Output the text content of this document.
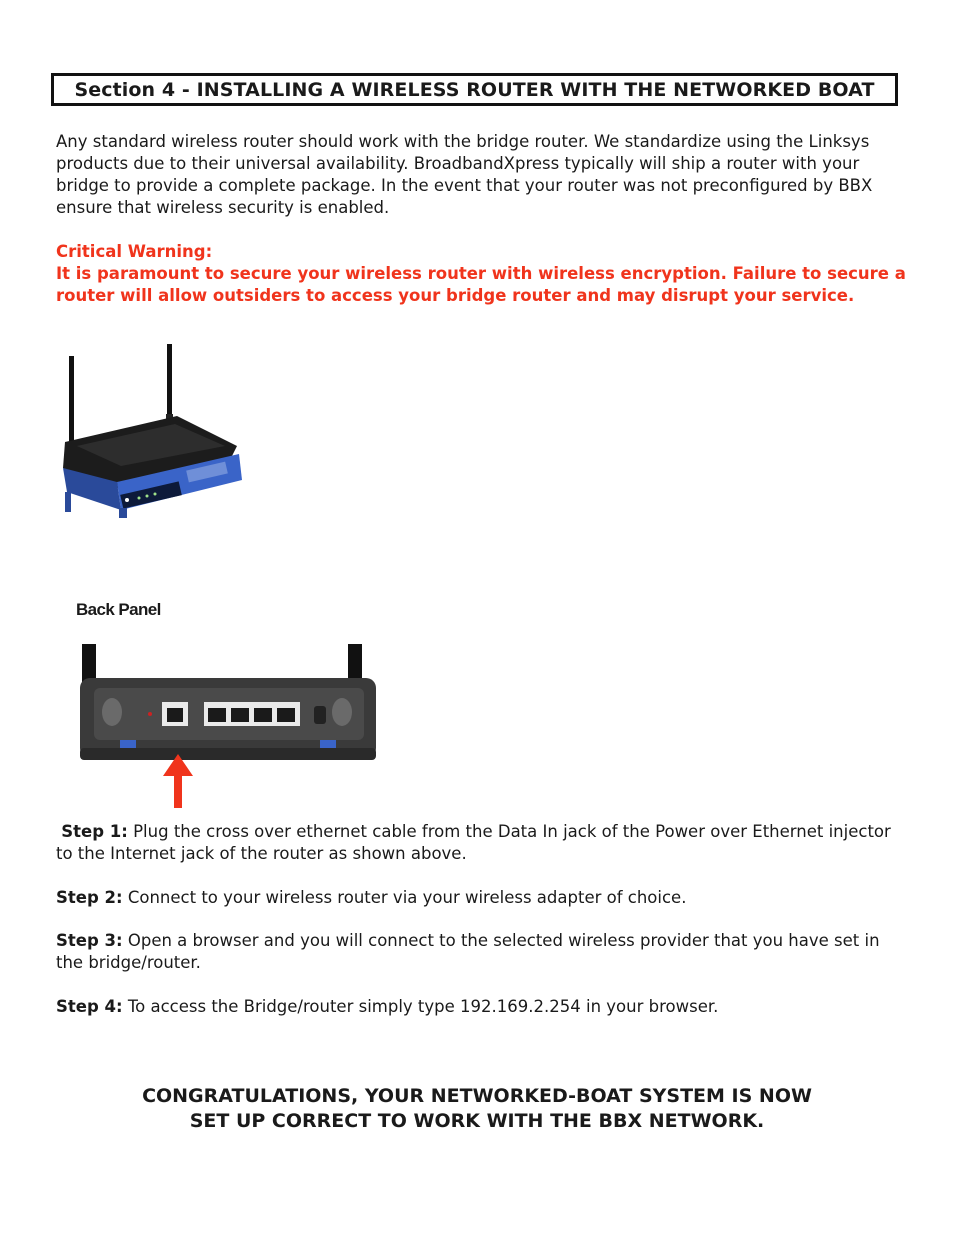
Section 4 - INSTALLING A WIRELESS ROUTER WITH THE NETWORKED BOAT

Any standard wireless router should work with the bridge router. We standardize using the Linksys products due to their universal availability. BroadbandXpress typically will ship a router with your bridge to provide a complete package. In the event that your router was not preconfigured by BBX ensure that wireless security is enabled.

Critical Warning:

It is paramount to secure your wireless router with wireless encryption. Failure to secure a router will allow outsiders to access your bridge router and may disrupt your service.

Back Panel

Step 1: Plug the cross over ethernet cable from the Data In jack of the Power over Ethernet injector to the Internet jack of the router as shown above.

Step 2: Connect to your wireless router via your wireless adapter of choice.

Step 3: Open a browser and you will connect to the selected wireless provider that you have set in the bridge/router.

Step 4: To access the Bridge/router simply type 192.169.2.254 in your browser.

CONGRATULATIONS, YOUR NETWORKED-BOAT SYSTEM IS NOW
SET UP CORRECT TO WORK WITH THE BBX NETWORK.
